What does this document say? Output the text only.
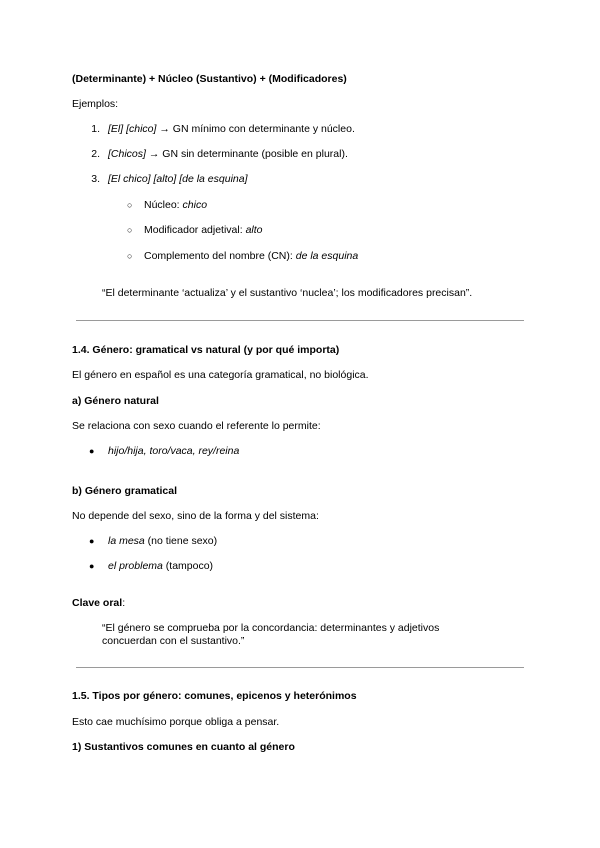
(Determinante) + Núcleo (Sustantivo) + (Modificadores)
Ejemplos:
1. [El] [chico] → GN mínimo con determinante y núcleo.
2. [Chicos] → GN sin determinante (posible en plural).
3. [El chico] [alto] [de la esquina]
○ Núcleo: chico
○ Modificador adjetival: alto
○ Complemento del nombre (CN): de la esquina
“El determinante ‘actualiza’ y el sustantivo ‘nuclea’; los modificadores precisan”.
1.4. Género: gramatical vs natural (y por qué importa)
El género en español es una categoría gramatical, no biológica.
a) Género natural
Se relaciona con sexo cuando el referente lo permite:
● hijo/hija, toro/vaca, rey/reina
b) Género gramatical
No depende del sexo, sino de la forma y del sistema:
● la mesa (no tiene sexo)
● el problema (tampoco)
Clave oral:
“El género se comprueba por la concordancia: determinantes y adjetivos
concuerdan con el sustantivo.”
1.5. Tipos por género: comunes, epicenos y heterónimos
Esto cae muchísimo porque obliga a pensar.
1) Sustantivos comunes en cuanto al género
